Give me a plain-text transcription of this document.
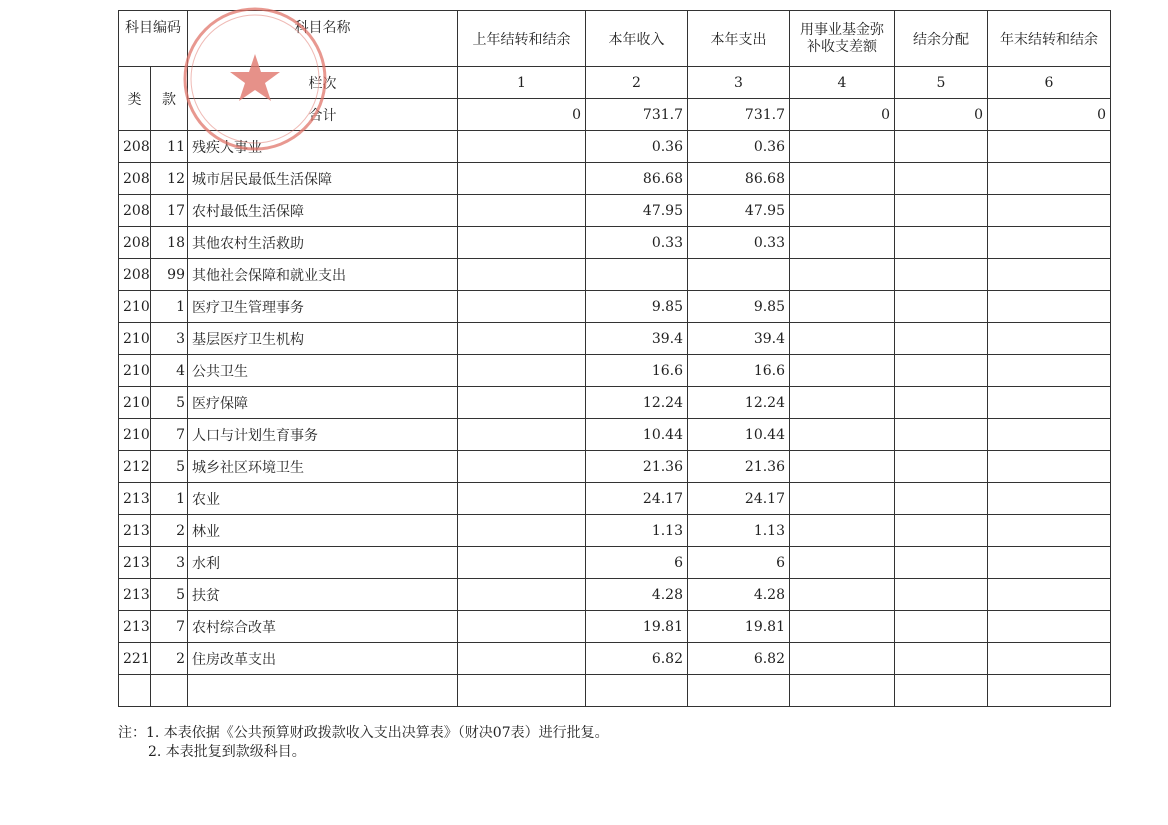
科目编码		科目名称	上年结转和结余	本年收入	本年支出	用事业基金弥补收支差额	结余分配	年末结转和结余
类	款	栏次	1	2	3	4	5	6
		合计	0	731.7	731.7	0	0	0
208	11	残疾人事业		0.36	0.36			
208	12	城市居民最低生活保障		86.68	86.68			
208	17	农村最低生活保障		47.95	47.95			
208	18	其他农村生活救助		0.33	0.33			
208	99	其他社会保障和就业支出						
210	1	医疗卫生管理事务		9.85	9.85			
210	3	基层医疗卫生机构		39.4	39.4			
210	4	公共卫生		16.6	16.6			
210	5	医疗保障		12.24	12.24			
210	7	人口与计划生育事务		10.44	10.44			
212	5	城乡社区环境卫生		21.36	21.36			
213	1	农业		24.17	24.17			
213	2	林业		1.13	1.13			
213	3	水利		6	6			
213	5	扶贫		4.28	4.28			
213	7	农村综合改革		19.81	19.81			
221	2	住房改革支出		6.82	6.82			

注：1. 本表依据《公共预算财政拨款收入支出决算表》（财决07表）进行批复。
2. 本表批复到款级科目。
